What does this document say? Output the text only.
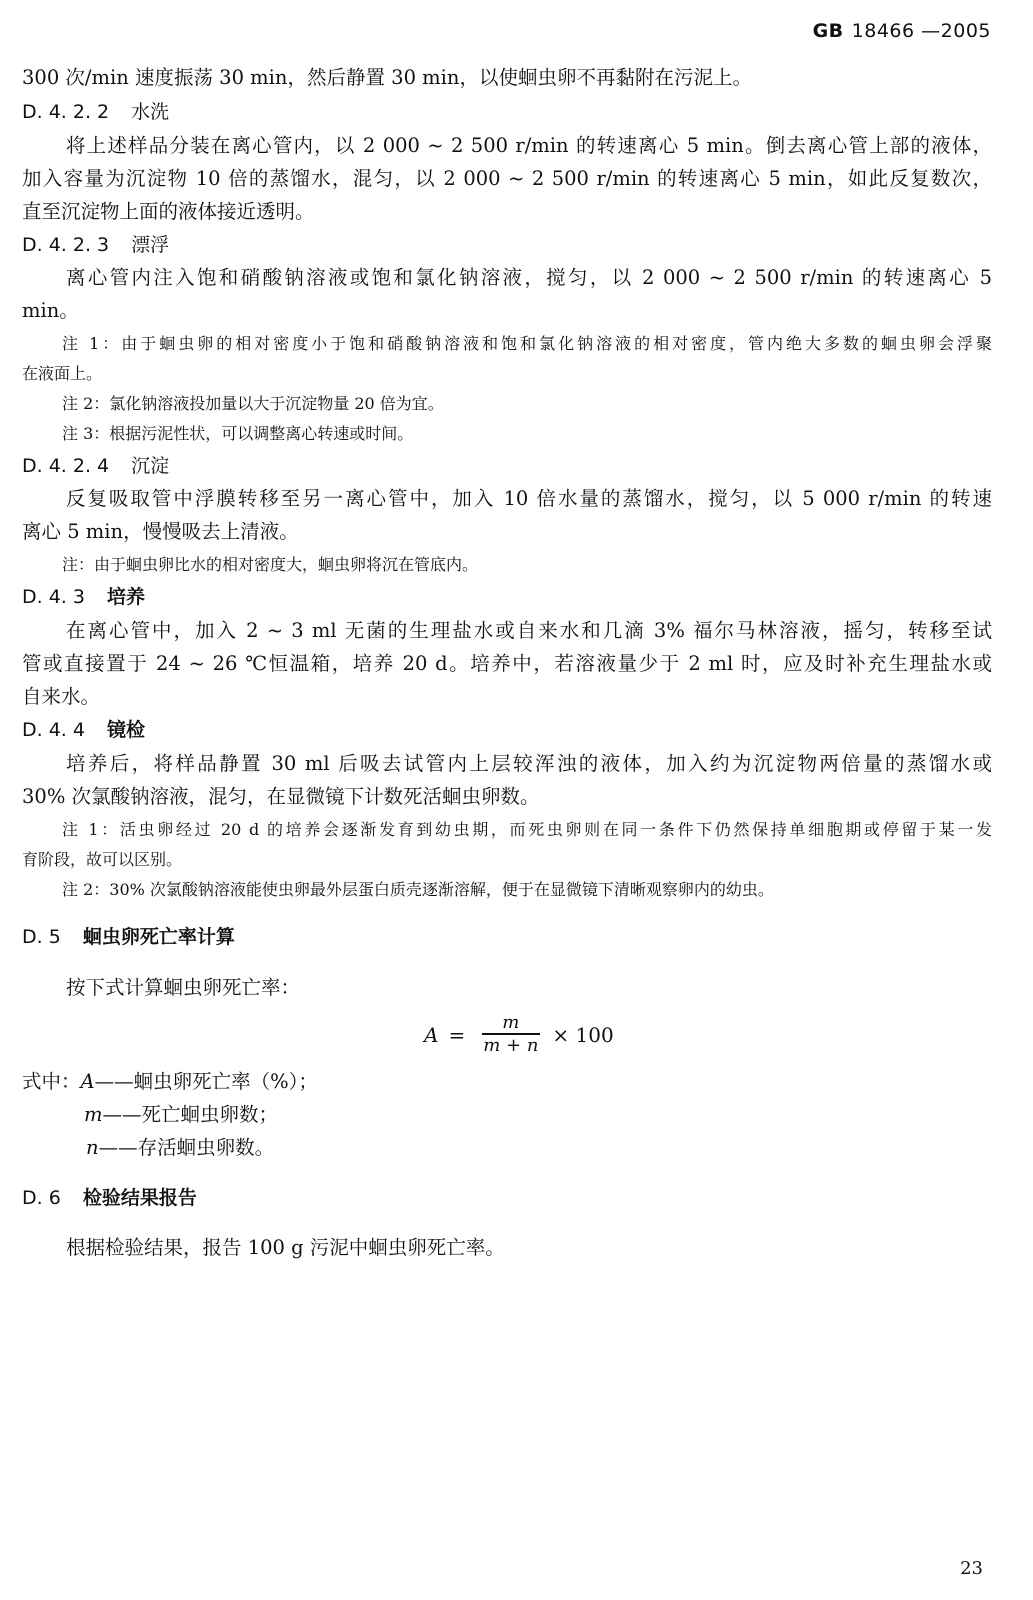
GB 18466 —2005
300 次/min 速度振荡 30 min，然后静置 30 min，以使蛔虫卵不再黏附在污泥上。
D. 4. 2. 2 水洗
将上述样品分装在离心管内，以 2 000 ~ 2 500 r/min 的转速离心 5 min。倒去离心管上部的液体，
加入容量为沉淀物 10 倍的蒸馏水，混匀，以 2 000 ~ 2 500 r/min 的转速离心 5 min，如此反复数次，
直至沉淀物上面的液体接近透明。
D. 4. 2. 3 漂浮
离心管内注入饱和硝酸钠溶液或饱和氯化钠溶液，搅匀，以 2 000 ~ 2 500 r/min 的转速离心 5
min。
注 1：由于蛔虫卵的相对密度小于饱和硝酸钠溶液和饱和氯化钠溶液的相对密度，管内绝大多数的蛔虫卵会浮聚
在液面上。
注 2：氯化钠溶液投加量以大于沉淀物量 20 倍为宜。
注 3：根据污泥性状，可以调整离心转速或时间。
D. 4. 2. 4 沉淀
反复吸取管中浮膜转移至另一离心管中，加入 10 倍水量的蒸馏水，搅匀，以 5 000 r/min 的转速
离心 5 min，慢慢吸去上清液。
注：由于蛔虫卵比水的相对密度大，蛔虫卵将沉在管底内。
D. 4. 3 培养
在离心管中，加入 2 ~ 3 ml 无菌的生理盐水或自来水和几滴 3% 福尔马林溶液，摇匀，转移至试
管或直接置于 24 ~ 26 ℃恒温箱，培养 20 d。培养中，若溶液量少于 2 ml 时，应及时补充生理盐水或
自来水。
D. 4. 4 镜检
培养后，将样品静置 30 ml 后吸去试管内上层较浑浊的液体，加入约为沉淀物两倍量的蒸馏水或
30% 次氯酸钠溶液，混匀，在显微镜下计数死活蛔虫卵数。
注 1：活虫卵经过 20 d 的培养会逐渐发育到幼虫期，而死虫卵则在同一条件下仍然保持单细胞期或停留于某一发
育阶段，故可以区别。
注 2：30% 次氯酸钠溶液能使虫卵最外层蛋白质壳逐渐溶解，便于在显微镜下清晰观察卵内的幼虫。
D. 5 蛔虫卵死亡率计算
按下式计算蛔虫卵死亡率：
$A = \frac{m}{m + n} \times 100$
式中：A——蛔虫卵死亡率（%）；
m——死亡蛔虫卵数；
n——存活蛔虫卵数。
D. 6 检验结果报告
根据检验结果，报告 100 g 污泥中蛔虫卵死亡率。
23
